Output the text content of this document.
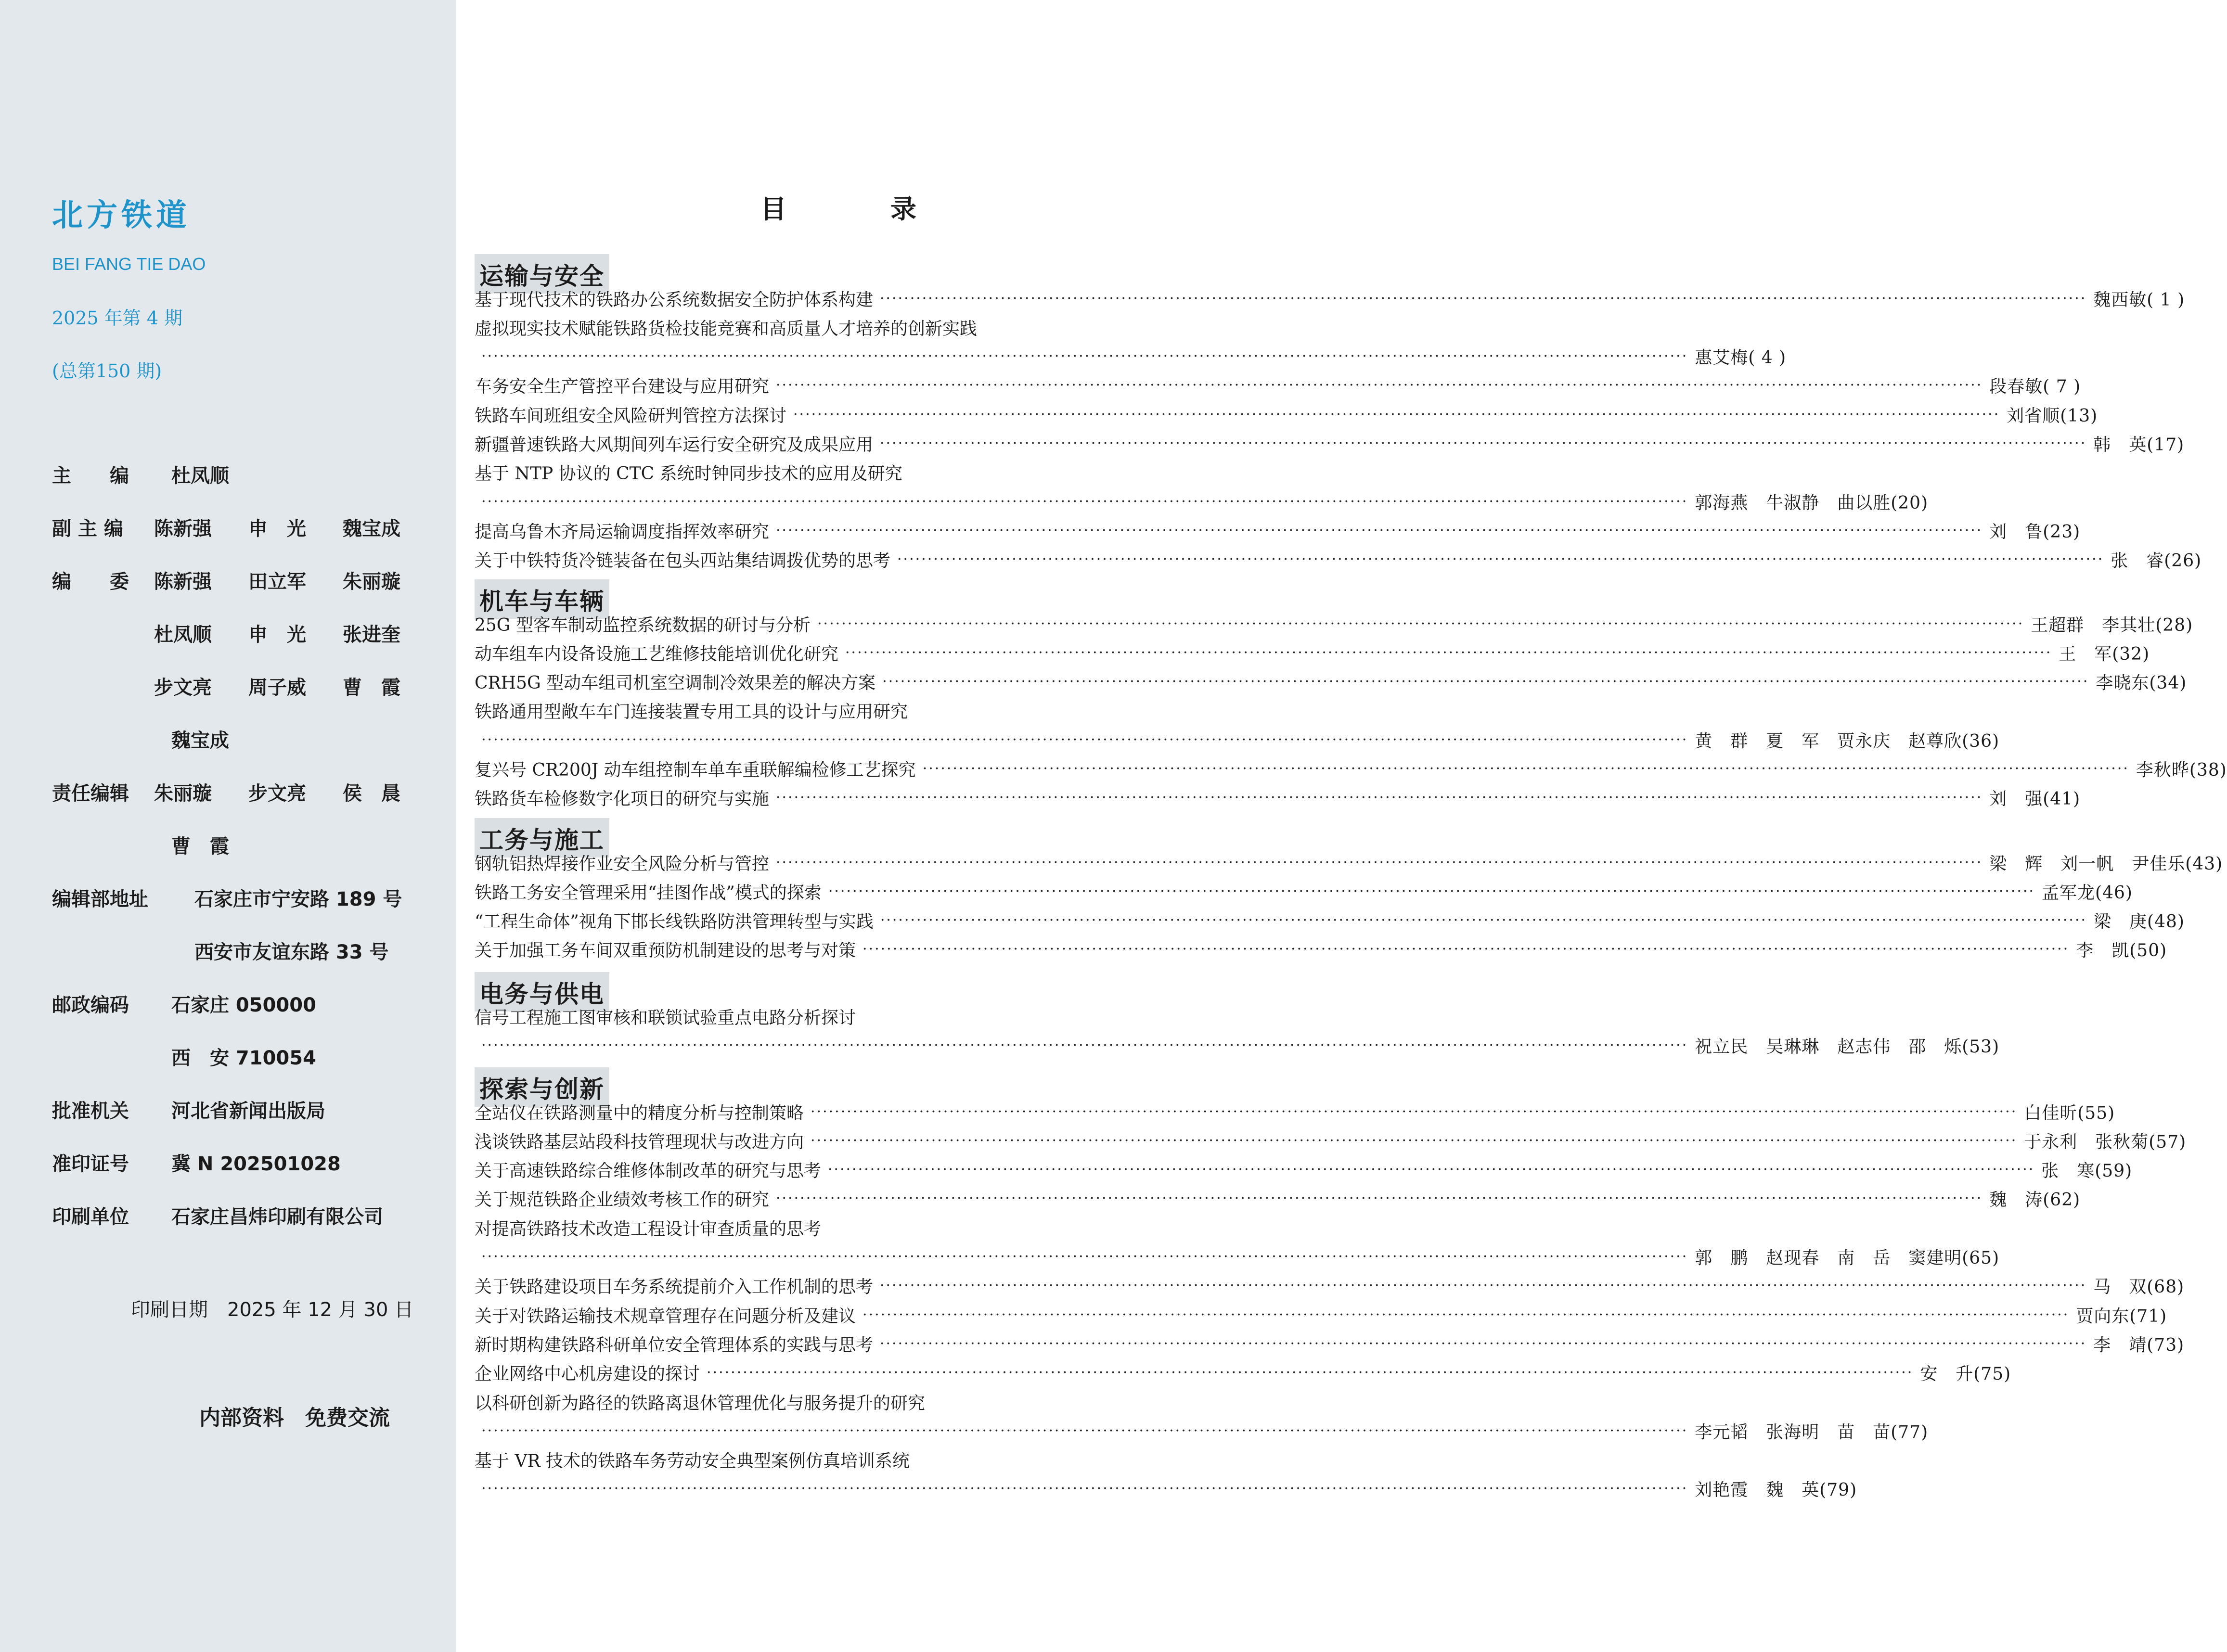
北方铁道
BEI FANG TIE DAO
2025 年第 4 期
(总第150 期)
主　　编	杜凤顺
副 主 编	陈新强	申　光	魏宝成
编　　委	陈新强	田立军	朱丽璇
杜凤顺	申　光	张进奎
步文亮	周子威	曹　霞
魏宝成
责任编辑	朱丽璇	步文亮	侯　晨
曹　霞
编辑部地址	石家庄市宁安路 189 号
西安市友谊东路 33 号
邮政编码	石家庄 050000
西　安 710054
批准机关	河北省新闻出版局
准印证号	冀 N 202501028
印刷单位	石家庄昌炜印刷有限公司
印刷日期　2025 年 12 月 30 日
内部资料　免费交流
目　　　　录
运输与安全
基于现代技术的铁路办公系统数据安全防护体系构建 ········································································································································································································ 魏西敏( 1 )
虚拟现实技术赋能铁路货检技能竞赛和高质量人才培养的创新实践
········································································································································································································ 惠艾梅( 4 )
车务安全生产管控平台建设与应用研究 ········································································································································································································ 段春敏( 7 )
铁路车间班组安全风险研判管控方法探讨 ········································································································································································································ 刘省顺(13)
新疆普速铁路大风期间列车运行安全研究及成果应用 ········································································································································································································ 韩　英(17)
基于 NTP 协议的 CTC 系统时钟同步技术的应用及研究
········································································································································································································ 郭海燕　牛淑静　曲以胜(20)
提高乌鲁木齐局运输调度指挥效率研究 ········································································································································································································ 刘　鲁(23)
关于中铁特货冷链装备在包头西站集结调拨优势的思考 ········································································································································································································ 张　睿(26)
机车与车辆
25G 型客车制动监控系统数据的研讨与分析 ········································································································································································································ 王超群　李其壮(28)
动车组车内设备设施工艺维修技能培训优化研究 ········································································································································································································ 王　军(32)
CRH5G 型动车组司机室空调制冷效果差的解决方案 ········································································································································································································ 李晓东(34)
铁路通用型敞车车门连接装置专用工具的设计与应用研究
········································································································································································································ 黄　群　夏　军　贾永庆　赵尊欣(36)
复兴号 CR200J 动车组控制车单车重联解编检修工艺探究 ········································································································································································································ 李秋晔(38)
铁路货车检修数字化项目的研究与实施 ········································································································································································································ 刘　强(41)
工务与施工
钢轨铝热焊接作业安全风险分析与管控 ········································································································································································································ 梁　辉　刘一帆　尹佳乐(43)
铁路工务安全管理采用“挂图作战”模式的探索 ········································································································································································································ 孟军龙(46)
“工程生命体”视角下邯长线铁路防洪管理转型与实践 ········································································································································································································ 梁　庚(48)
关于加强工务车间双重预防机制建设的思考与对策 ········································································································································································································ 李　凯(50)
电务与供电
信号工程施工图审核和联锁试验重点电路分析探讨
········································································································································································································ 祝立民　吴琳琳　赵志伟　邵　烁(53)
探索与创新
全站仪在铁路测量中的精度分析与控制策略 ········································································································································································································ 白佳昕(55)
浅谈铁路基层站段科技管理现状与改进方向 ········································································································································································································ 于永利　张秋菊(57)
关于高速铁路综合维修体制改革的研究与思考 ········································································································································································································ 张　寒(59)
关于规范铁路企业绩效考核工作的研究 ········································································································································································································ 魏　涛(62)
对提高铁路技术改造工程设计审查质量的思考
········································································································································································································ 郭　鹏　赵现春　南　岳　窦建明(65)
关于铁路建设项目车务系统提前介入工作机制的思考 ········································································································································································································ 马　双(68)
关于对铁路运输技术规章管理存在问题分析及建议 ········································································································································································································ 贾向东(71)
新时期构建铁路科研单位安全管理体系的实践与思考 ········································································································································································································ 李　靖(73)
企业网络中心机房建设的探讨 ········································································································································································································ 安　升(75)
以科研创新为路径的铁路离退休管理优化与服务提升的研究
········································································································································································································ 李元韬　张海明　苗　苗(77)
基于 VR 技术的铁路车务劳动安全典型案例仿真培训系统
········································································································································································································ 刘艳霞　魏　英(79)
